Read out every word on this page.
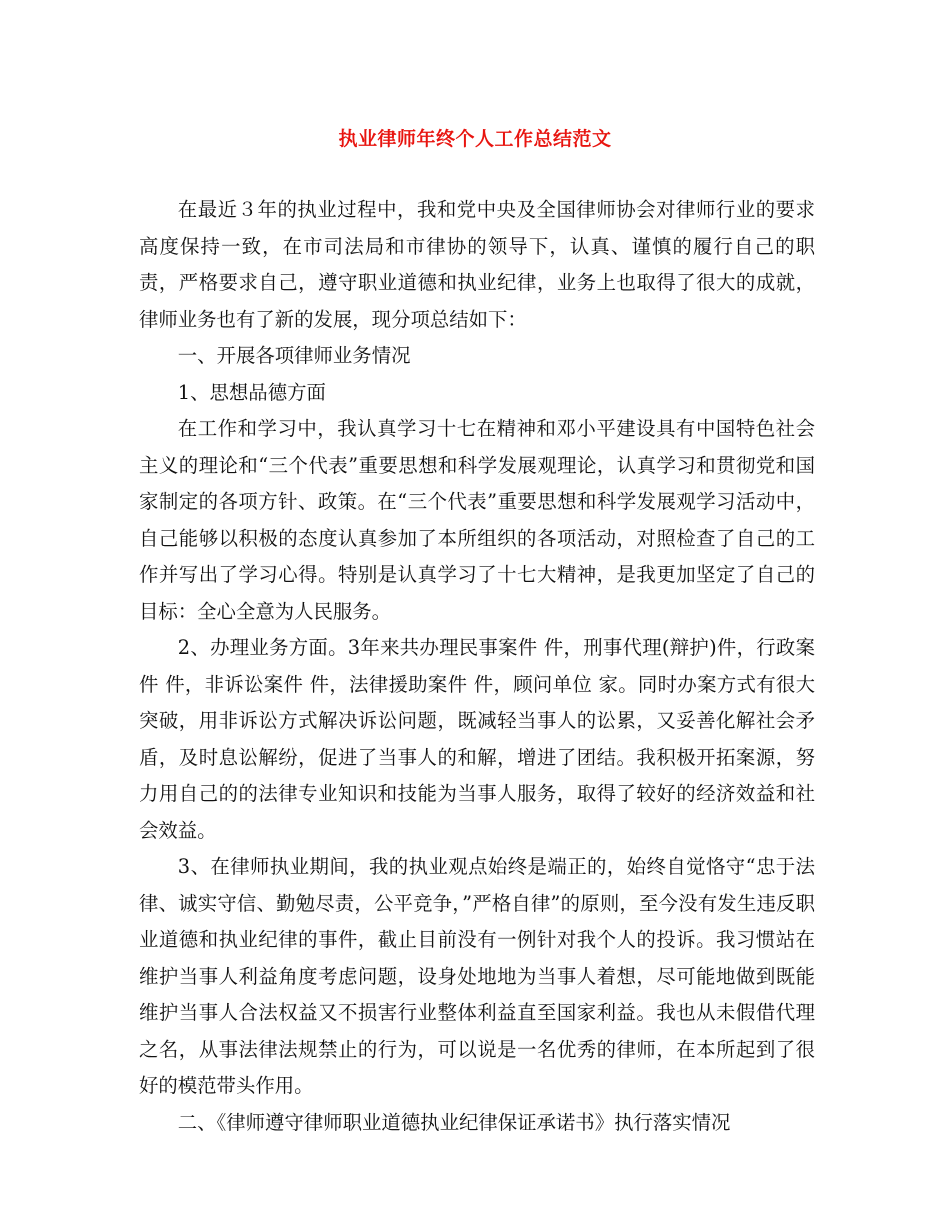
执业律师年终个人工作总结范文

在最近３年的执业过程中，我和党中央及全国律师协会对律师行业的要求高度保持一致，在市司法局和市律协的领导下，认真、谨慎的履行自己的职责，严格要求自己，遵守职业道德和执业纪律，业务上也取得了很大的成就，律师业务也有了新的发展，现分项总结如下：

一、开展各项律师业务情况

1、思想品德方面

在工作和学习中，我认真学习十七在精神和邓小平建设具有中国特色社会主义的理论和“三个代表”重要思想和科学发展观理论，认真学习和贯彻党和国家制定的各项方针、政策。在“三个代表”重要思想和科学发展观学习活动中，自己能够以积极的态度认真参加了本所组织的各项活动，对照检查了自己的工作并写出了学习心得。特别是认真学习了十七大精神，是我更加坚定了自己的目标：全心全意为人民服务。

2、办理业务方面。3年来共办理民事案件 件，刑事代理(辩护)件，行政案件 件，非诉讼案件 件，法律援助案件 件，顾问单位 家。同时办案方式有很大突破，用非诉讼方式解决诉讼问题，既减轻当事人的讼累，又妥善化解社会矛盾，及时息讼解纷，促进了当事人的和解，增进了团结。我积极开拓案源，努力用自己的的法律专业知识和技能为当事人服务，取得了较好的经济效益和社会效益。

3、在律师执业期间，我的执业观点始终是端正的，始终自觉恪守“忠于法律、诚实守信、勤勉尽责，公平竞争，”严格自律”的原则，至今没有发生违反职业道德和执业纪律的事件，截止目前没有一例针对我个人的投诉。我习惯站在维护当事人利益角度考虑问题，设身处地地为当事人着想，尽可能地做到既能维护当事人合法权益又不损害行业整体利益直至国家利益。我也从未假借代理之名，从事法律法规禁止的行为，可以说是一名优秀的律师，在本所起到了很好的模范带头作用。

二、《律师遵守律师职业道德执业纪律保证承诺书》执行落实情况
